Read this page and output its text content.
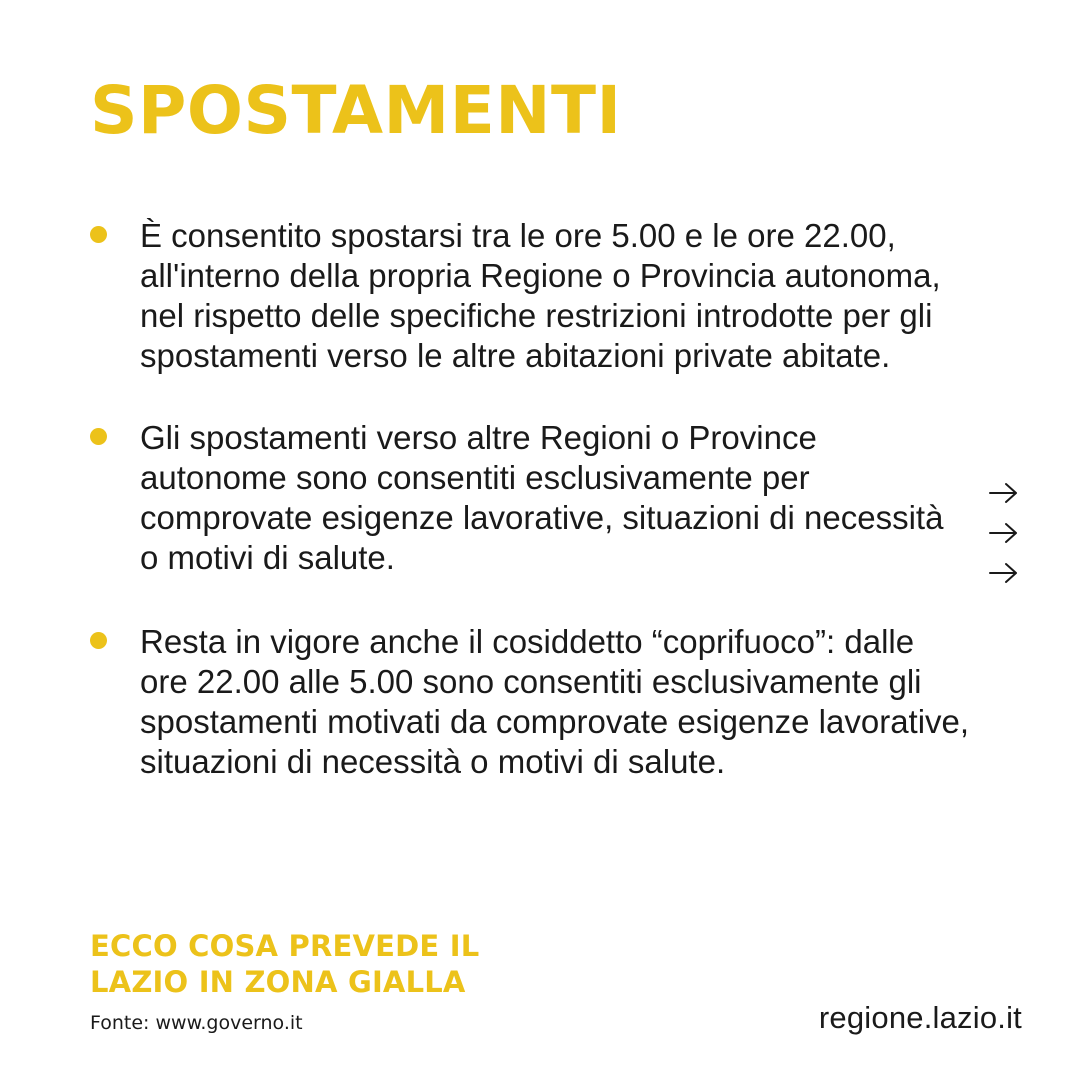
SPOSTAMENTI
È consentito spostarsi tra le ore 5.00 e le ore 22.00, all'interno della propria Regione o Provincia autonoma, nel rispetto delle specifiche restrizioni introdotte per gli spostamenti verso le altre abitazioni private abitate.
Gli spostamenti verso altre Regioni o Province autonome sono consentiti esclusivamente per comprovate esigenze lavorative, situazioni di necessità o motivi di salute.
Resta in vigore anche il cosiddetto “coprifuoco”: dalle ore 22.00 alle 5.00 sono consentiti esclusivamente gli spostamenti motivati da comprovate esigenze lavorative, situazioni di necessità o motivi di salute.
ECCO COSA PREVEDE IL
LAZIO IN ZONA GIALLA
Fonte: www.governo.it	regione.lazio.it
